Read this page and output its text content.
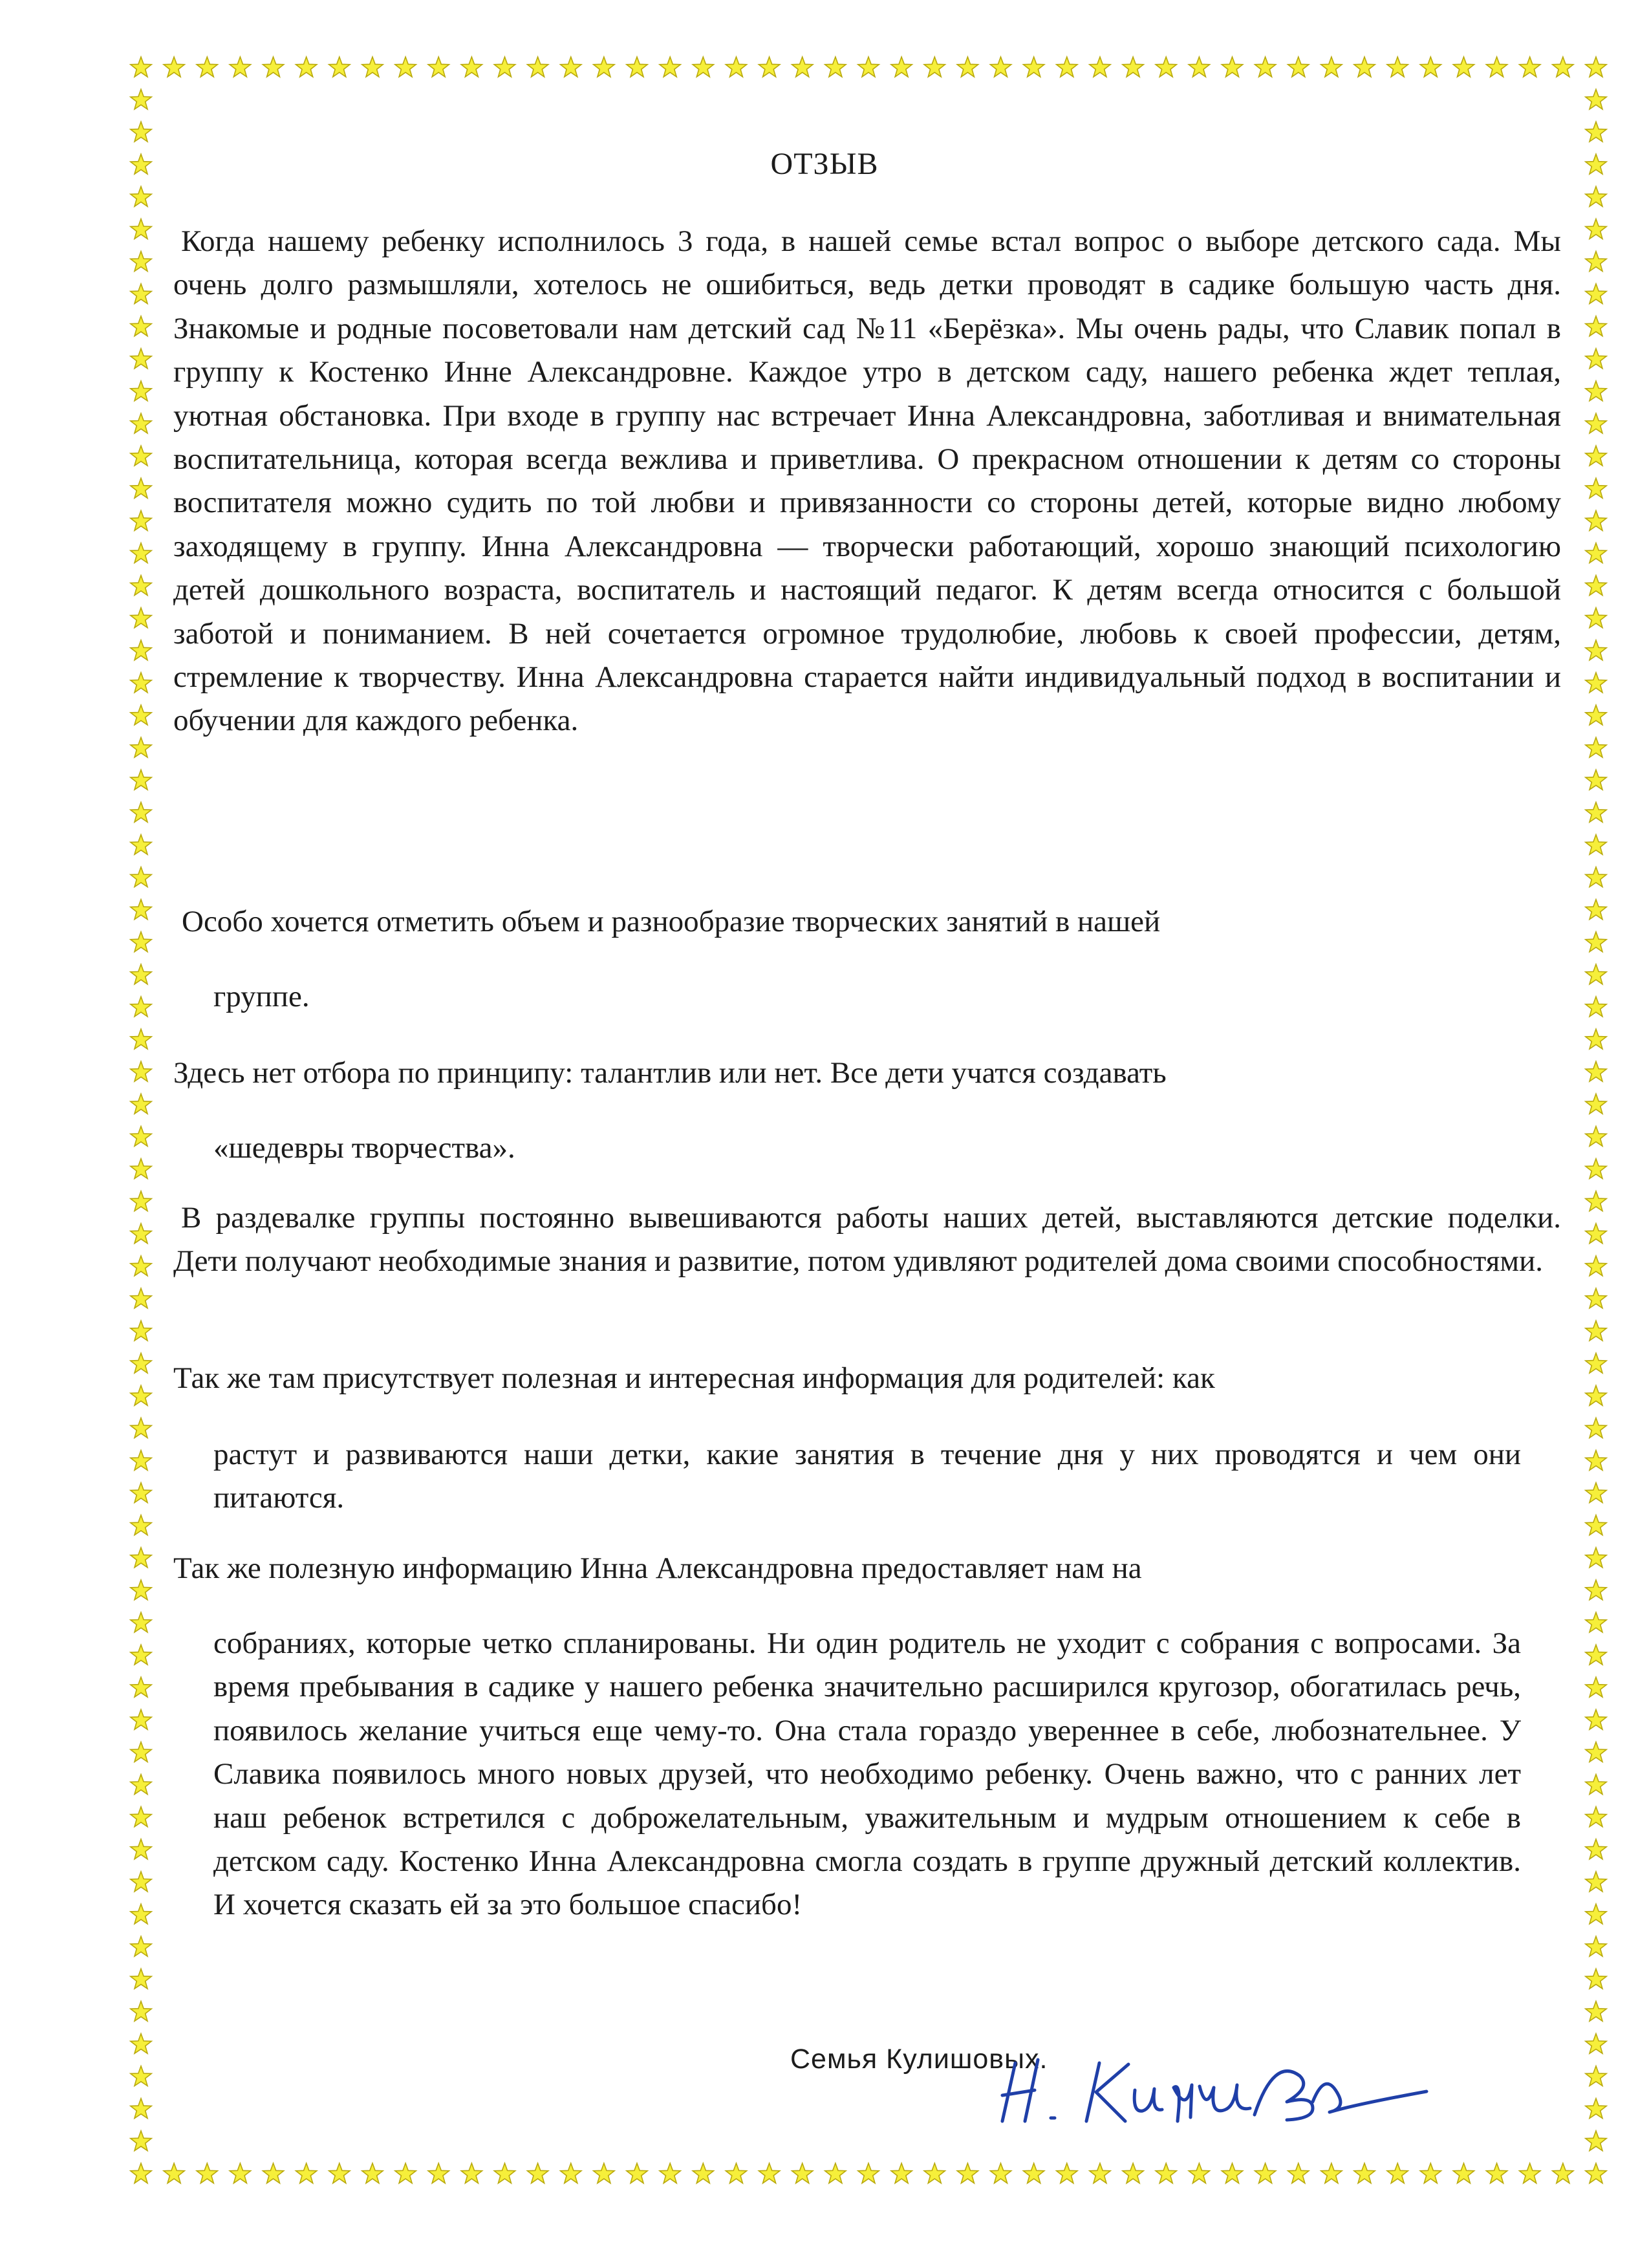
ОТЗЫВ

Когда нашему ребенку исполнилось 3 года, в нашей семье встал вопрос о выборе детского сада. Мы очень долго размышляли, хотелось не ошибиться, ведь детки проводят в садике большую часть дня. Знакомые и родные посоветовали нам детский сад №11 «Берёзка». Мы очень рады, что Славик попал в группу к Костенко Инне Александровне. Каждое утро в детском саду, нашего ребенка ждет теплая, уютная обстановка. При входе в группу нас встречает Инна Александровна, заботливая и внимательная воспитательница, которая всегда вежлива и приветлива. О прекрасном отношении к детям со стороны воспитателя можно судить по той любви и привязанности со стороны детей, которые видно любому заходящему в группу. Инна Александровна — творчески работающий, хорошо знающий психологию детей дошкольного возраста, воспитатель и настоящий педагог. К детям всегда относится с большой заботой и пониманием. В ней сочетается огромное трудолюбие, любовь к своей профессии, детям, стремление к творчеству. Инна Александровна старается найти индивидуальный подход в воспитании и обучении для каждого ребенка.

Особо хочется отметить объем и разнообразие творческих занятий в нашей

группе.

Здесь нет отбора по принципу: талантлив или нет. Все дети учатся создавать

«шедевры творчества».

В раздевалке группы постоянно вывешиваются работы наших детей, выставляются детские поделки. Дети получают необходимые знания и развитие, потом удивляют родителей дома своими способностями.

Так же там присутствует полезная и интересная информация для родителей: как

растут и развиваются наши детки, какие занятия в течение дня у них проводятся и чем они питаются.

Так же полезную информацию Инна Александровна предоставляет нам на

собраниях, которые четко спланированы. Ни один родитель не уходит с собрания с вопросами. За время пребывания в садике у нашего ребенка значительно расширился кругозор, обогатилась речь, появилось желание учиться еще чему-то. Она стала гораздо увереннее в себе, любознательнее. У Славика появилось много новых друзей, что необходимо ребенку. Очень важно, что с ранних лет наш ребенок встретился с доброжелательным, уважительным и мудрым отношением к себе в детском саду. Костенко Инна Александровна смогла создать в группе дружный детский коллектив. И хочется сказать ей за это большое спасибо!

Семья Кулишовых.
